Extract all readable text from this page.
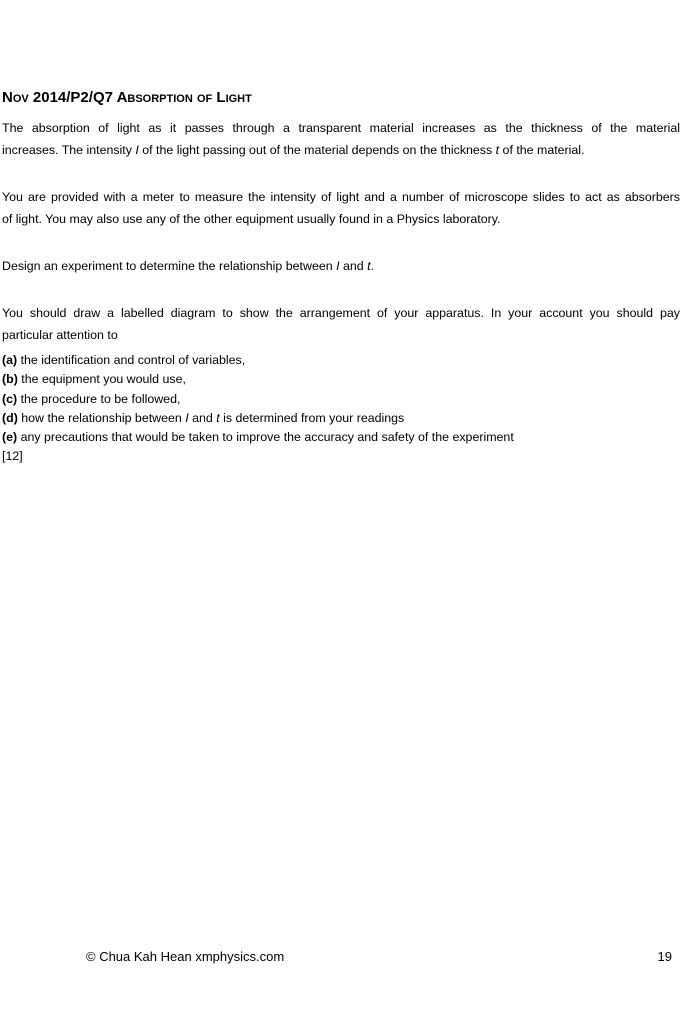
Nov 2014/P2/Q7 Absorption of Light
The absorption of light as it passes through a transparent material increases as the thickness of the material
increases. The intensity I of the light passing out of the material depends on the thickness t of the material.
You are provided with a meter to measure the intensity of light and a number of microscope slides to act as absorbers
of light. You may also use any of the other equipment usually found in a Physics laboratory.
Design an experiment to determine the relationship between I and t.
You should draw a labelled diagram to show the arrangement of your apparatus. In your account you should pay
particular attention to
(a) the identification and control of variables,
(b) the equipment you would use,
(c) the procedure to be followed,
(d) how the relationship between I and t is determined from your readings
(e) any precautions that would be taken to improve the accuracy and safety of the experiment
[12]
© Chua Kah Hean xmphysics.com	19
